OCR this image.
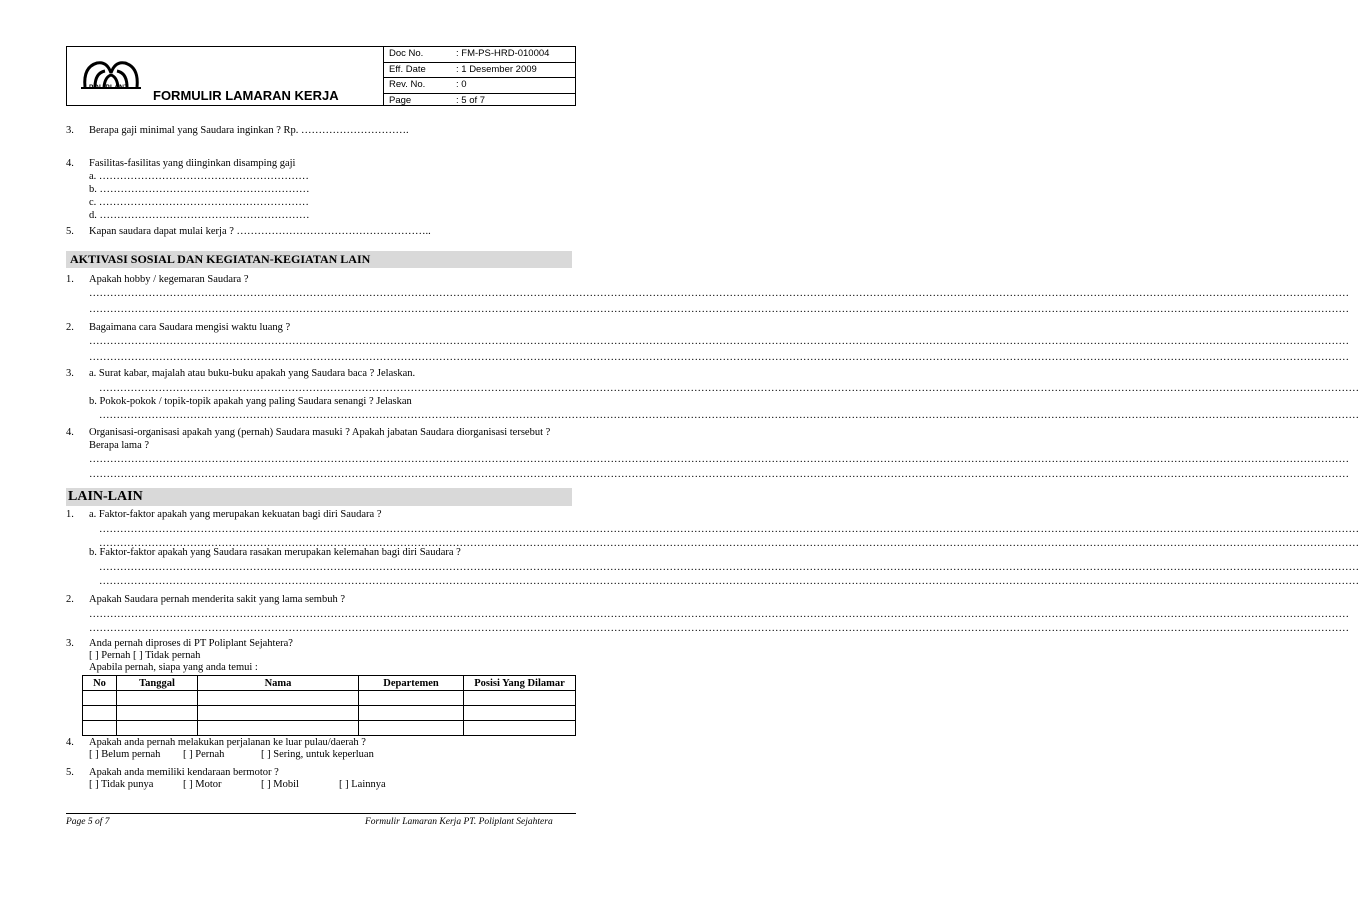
POLIPLANT
FORMULIR LAMARAN KERJA
Doc No.	: FM-PS-HRD-010004
Eff. Date	: 1 Desember 2009
Rev. No.	: 0
Page	: 5 of 7
3. Berapa gaji minimal yang Saudara inginkan ? Rp. ………………………….
4. Fasilitas-fasilitas yang diinginkan disamping gaji
a. ……………………………………………………
b. ……………………………………………………
c. ……………………………………………………
d. ……………………………………………………
5. Kapan saudara dapat mulai kerja ? ………………………………………………..
AKTIVASI SOSIAL DAN KEGIATAN-KEGIATAN LAIN
1. Apakah hobby / kegemaran Saudara ?
………………………………………………………………………………………………………………………………………………………………………………………………………………………………………………………………………………………………………………………………
………………………………………………………………………………………………………………………………………………………………………………………………………………………………………………………………………………………………………………………………
2. Bagaimana cara Saudara mengisi waktu luang ?
………………………………………………………………………………………………………………………………………………………………………………………………………………………………………………………………………………………………………………………………
………………………………………………………………………………………………………………………………………………………………………………………………………………………………………………………………………………………………………………………………
3. a. Surat kabar, majalah atau buku-buku apakah yang Saudara baca ? Jelaskan.
………………………………………………………………………………………………………………………………………………………………………………………………………………………………………………………………………………………………………………………………
b. Pokok-pokok / topik-topik apakah yang paling Saudara senangi ? Jelaskan
………………………………………………………………………………………………………………………………………………………………………………………………………………………………………………………………………………………………………………………………
4. Organisasi-organisasi apakah yang (pernah) Saudara masuki ? Apakah jabatan Saudara diorganisasi tersebut ?
Berapa lama ?
………………………………………………………………………………………………………………………………………………………………………………………………………………………………………………………………………………………………………………………………
………………………………………………………………………………………………………………………………………………………………………………………………………………………………………………………………………………………………………………………………
LAIN-LAIN
1. a. Faktor-faktor apakah yang merupakan kekuatan bagi diri Saudara ?
………………………………………………………………………………………………………………………………………………………………………………………………………………………………………………………………………………………………………………………………
………………………………………………………………………………………………………………………………………………………………………………………………………………………………………………………………………………………………………………………………
b. Faktor-faktor apakah yang Saudara rasakan merupakan kelemahan bagi diri Saudara ?
………………………………………………………………………………………………………………………………………………………………………………………………………………………………………………………………………………………………………………………………
………………………………………………………………………………………………………………………………………………………………………………………………………………………………………………………………………………………………………………………………
2. Apakah Saudara pernah menderita sakit yang lama sembuh ?
………………………………………………………………………………………………………………………………………………………………………………………………………………………………………………………………………………………………………………………………
………………………………………………………………………………………………………………………………………………………………………………………………………………………………………………………………………………………………………………………………
3. Anda pernah diproses di PT Poliplant Sejahtera?
[ ] Pernah [ ] Tidak pernah
Apabila pernah, siapa yang anda temui :
No	Tanggal	Nama	Departemen	Posisi Yang Dilamar

4. Apakah anda pernah melakukan perjalanan ke luar pulau/daerah ?
[ ] Belum pernah [ ] Pernah	[ ] Sering, untuk keperluan
5. Apakah anda memiliki kendaraan bermotor ?
[ ] Tidak punya	[ ] Motor	[ ] Mobil	[ ] Lainnya
Page 5 of 7	Formulir Lamaran Kerja PT. Poliplant Sejahtera
